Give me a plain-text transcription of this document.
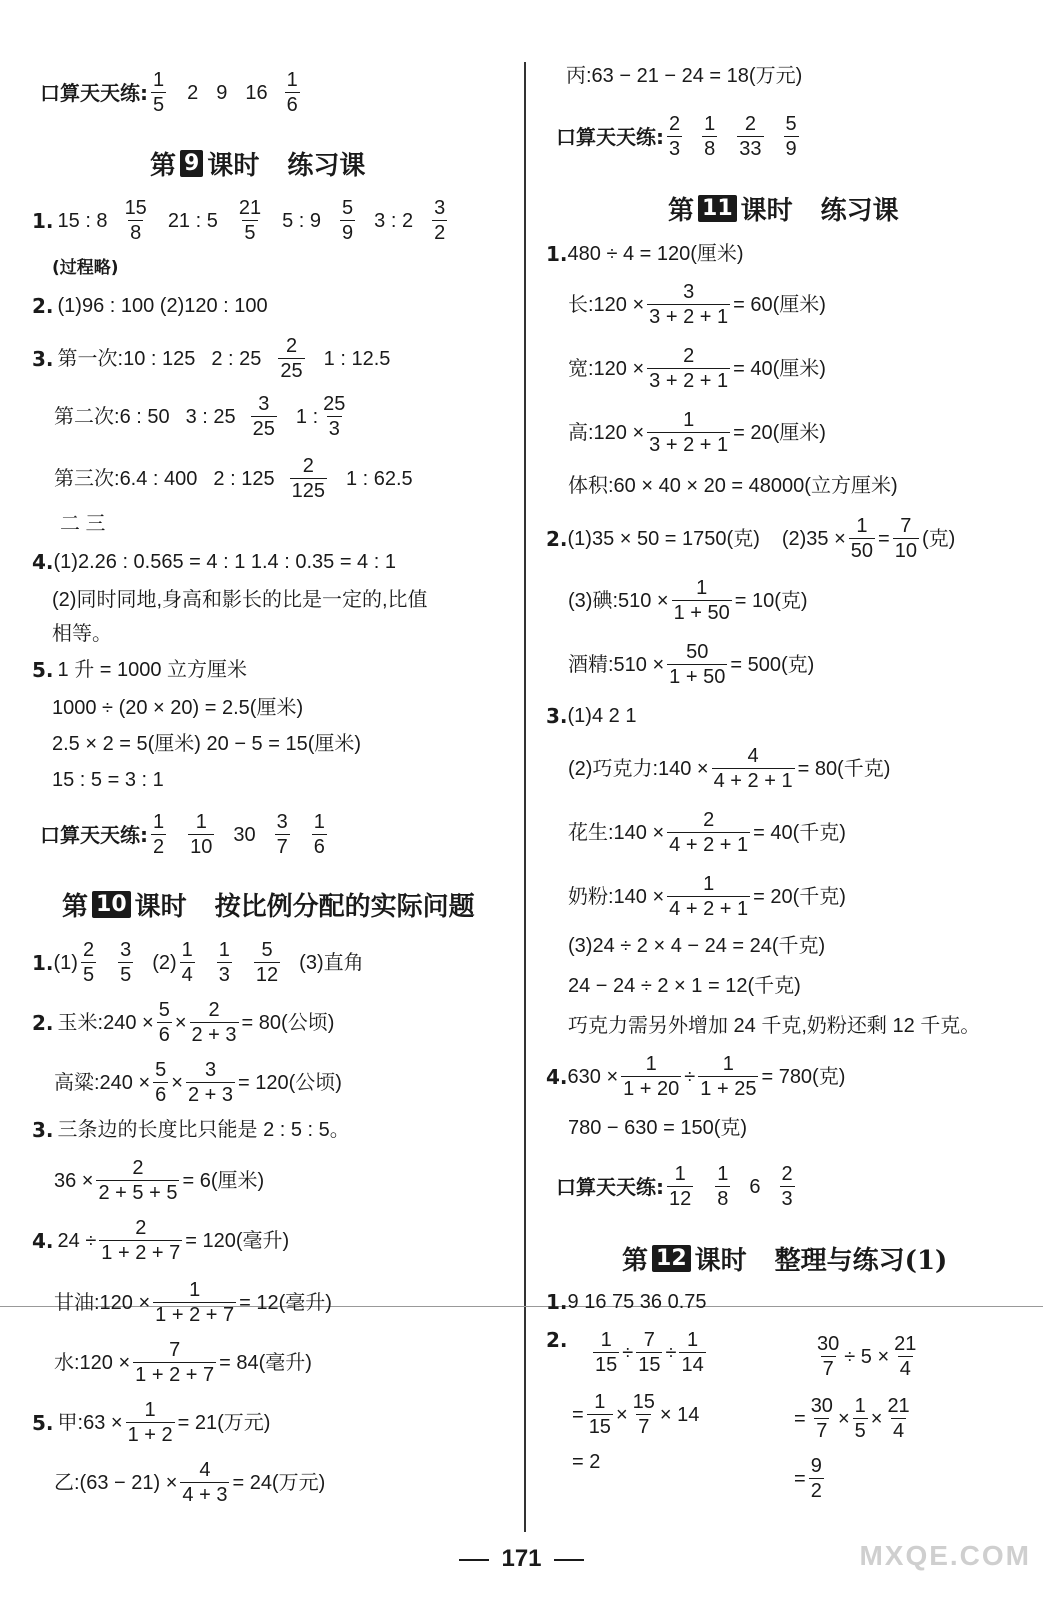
口算天天练: $\frac{1}{5} 2$ 9 $16 \frac{1}{6}$
第 9 课时 练习课
1. 15 : $8 \frac{15}{8} 21$ : $5 \frac{21}{5} 5$ : $9 \frac{5}{9} 3$ : $2 \frac{3}{2}$
(过程略)
2. (1)96 : 100 (2)120 : 100
3. 第一次: 10 : 125 2 : $25 \frac{2}{25} 1$ : 12.5
第二次: 6 : 50 3 : $25 \frac{3}{25} 1$ : $\frac{25}{3}$
第三次: 6.4 : 400 2 : $125 \frac{2}{125} 1$ : 62.5
二 三
4. (1)2.26 : 0.565 = 4 : 1 1.4 : 0.35 = 4 : 1
(2)同时同地,身高和影长的比是一定的,比值
相等。
5. 1 升 = 1000 立方厘米
1000 ÷ (20 × 20) = 2.5(厘米)
2.5 × 2 = 5(厘米) 20 − 5 = 15(厘米)
15 : 5 = 3 : 1
口算天天练: $\frac{1}{2} \frac{1}{10} 30 \frac{3}{7} \frac{1}{6}$
第 10 课时 按比例分配的实际问题
1. $(1) \frac{2}{5} \frac{3}{5} (2) \frac{1}{4} \frac{1}{3} \frac{5}{12} (3)$直角
2. 玉米:240 × $\frac{5}{6} \times \frac{2}{2 + 3} = 80$(公顷)
高粱:240 × $\frac{5}{6} \times \frac{3}{2 + 3} = 120$(公顷)
3. 三条边的长度比只能是 2 : 5 : 5。
$36 \times \frac{2}{2 + 5 + 5} = 6$(厘米)
4. $24 \div \frac{2}{1 + 2 + 7} = 120$(毫升)
甘油:120 × $\frac{1}{1 + 2 + 7} = 12$(毫升)
水:120 × $\frac{7}{1 + 2 + 7} = 84$(毫升)
5. 甲:63 × $\frac{1}{1 + 2} = 21$(万元)
乙:(63 − $21) \times \frac{4}{4 + 3} = 24$(万元)
丙:63 − 21 − 24 = 18(万元)
口算天天练: $\frac{2}{3} \frac{1}{8} \frac{2}{33} \frac{5}{9}$
第 11 课时 练习课
1. 480 ÷ 4 = 120(厘米)
长:120 × $\frac{3}{3 + 2 + 1} = 60$(厘米)
宽:120 × $\frac{2}{3 + 2 + 1} = 40$(厘米)
高:120 × $\frac{1}{3 + 2 + 1} = 20$(厘米)
体积:60 × 40 × 20 = 48000(立方厘米)
2. (1)35 × 50 = 1750(克) $(2)35 \times \frac{1}{50} = \frac{7}{10}$ (克)
(3)碘:510 × $\frac{1}{1 + 50} = 10$(克)
酒精:510 × $\frac{50}{1 + 50} = 500$(克)
3. (1)4 2 1
(2)巧克力:140 × $\frac{4}{4 + 2 + 1} = 80$(千克)
花生:140 × $\frac{2}{4 + 2 + 1} = 40$(千克)
奶粉:140 × $\frac{1}{4 + 2 + 1} = 20$(千克)
(3)24 ÷ 2 × 4 − 24 = 24(千克)
24 − 24 ÷ 2 × 1 = 12(千克)
巧克力需另外增加 24 千克,奶粉还剩 12 千克。
4. $630 \times \frac{1}{1 + 20} \div \frac{1}{1 + 25} = 780$(克)
780 − 630 = 150(克)
口算天天练: $\frac{1}{12} \frac{1}{8} 6 \frac{2}{3}$
第 12 课时 整理与练习(1)
1. 9 16 75 36 0.75
2. $\frac{1}{15} \div \frac{7}{15} \div \frac{1}{14}$
= $\frac{1}{15} \times \frac{15}{7} \times 14$
= 2
$\frac{30}{7} \div 5 \times \frac{21}{4}$
= $\frac{30}{7} \times \frac{1}{5} \times \frac{21}{4}$
= $\frac{9}{2}$
171	MXQE.COM
